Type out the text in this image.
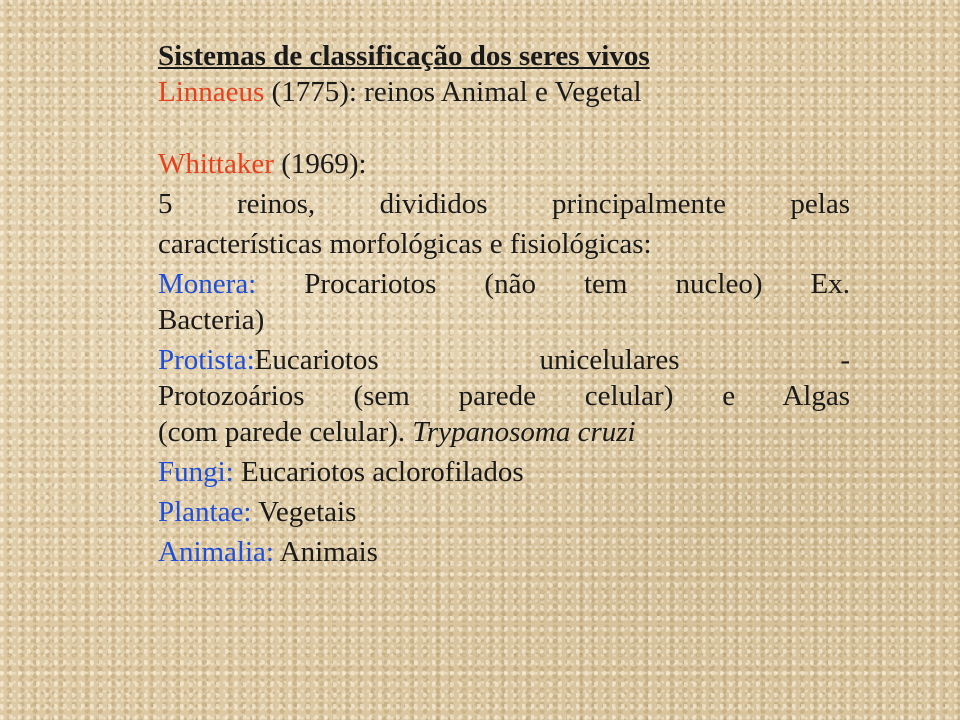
Sistemas de classificação dos seres vivos
Linnaeus (1775): reinos Animal e Vegetal
Whittaker (1969):
5 reinos, divididos principalmente pelas
características morfológicas e fisiológicas:
Monera: Procariotos (não tem nucleo) Ex.
Bacteria)
Protista:Eucariotos	unicelulares	-
Protozoários (sem parede celular) e Algas
(com parede celular). Trypanosoma cruzi
Fungi: Eucariotos aclorofilados
Plantae: Vegetais
Animalia: Animais
